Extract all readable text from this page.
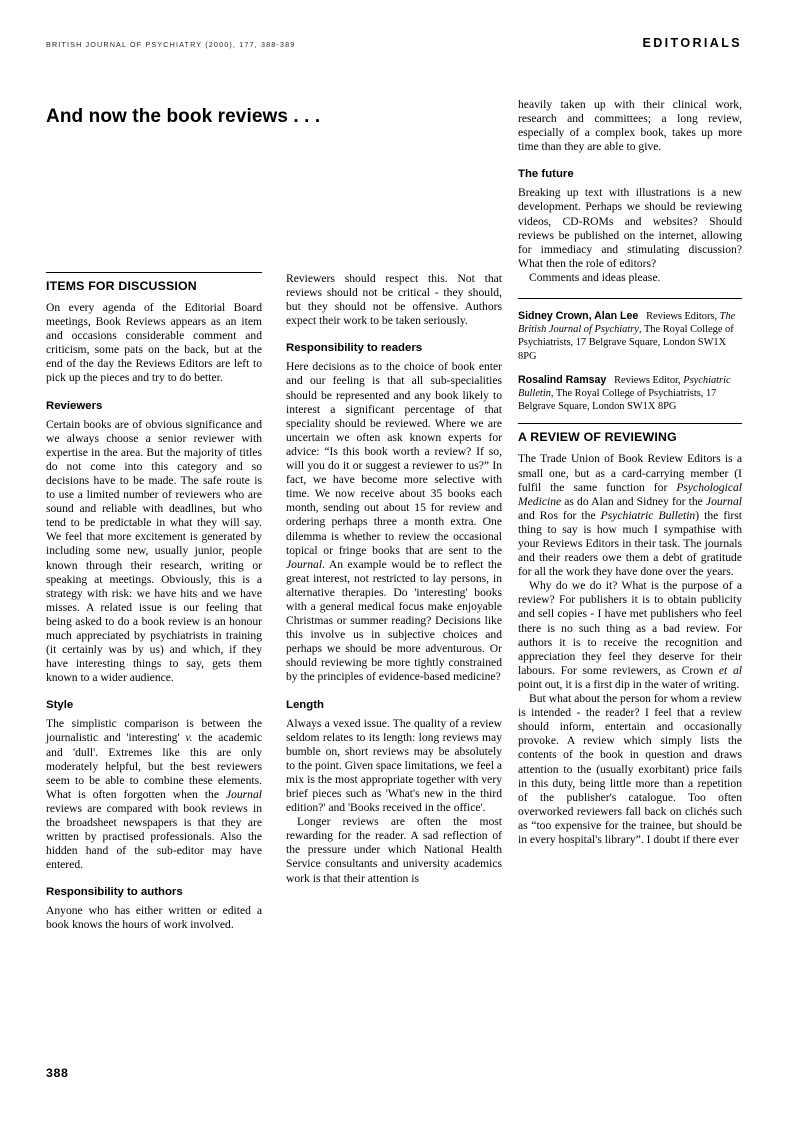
BRITISH JOURNAL OF PSYCHIATRY (2000), 177, 388-389	EDITORIALS
And now the book reviews . . .
ITEMS FOR DISCUSSION

On every agenda of the Editorial Board meetings, Book Reviews appears as an item and occasions considerable comment and criticism, some pats on the back, but at the end of the day the Reviews Editors are left to pick up the pieces and try to do better.

Reviewers

Certain books are of obvious significance and we always choose a senior reviewer with expertise in the area. But the majority of titles do not come into this category and so decisions have to be made. The safe route is to use a limited number of reviewers who are sound and reliable with deadlines, but who tend to be predictable in what they will say. We feel that more excitement is generated by including some new, usually junior, people known through their research, writing or speaking at meetings. Obviously, this is a strategy with risk: we have hits and we have misses. A related issue is our feeling that being asked to do a book review is an honour much appreciated by psychiatrists in training (it certainly was by us) and which, if they have interesting things to say, gets them known to a wider audience.

Style

The simplistic comparison is between the journalistic and 'interesting' v. the academic and 'dull'. Extremes like this are only moderately helpful, but the best reviewers seem to be able to combine these elements. What is often forgotten when the Journal reviews are compared with book reviews in the broadsheet newspapers is that they are written by practised professionals. Also the hidden hand of the sub-editor may have entered.

Responsibility to authors

Anyone who has either written or edited a book knows the hours of work involved.

Reviewers should respect this. Not that reviews should not be critical - they should, but they should not be offensive. Authors expect their work to be taken seriously.

Responsibility to readers

Here decisions as to the choice of book enter and our feeling is that all sub-specialities should be represented and any book likely to interest a significant percentage of that speciality should be reviewed. Where we are uncertain we often ask known experts for advice: “Is this book worth a review? If so, will you do it or suggest a reviewer to us?” In fact, we have become more selective with time. We now receive about 35 books each month, sending out about 15 for review and ordering perhaps three a month extra. One dilemma is whether to review the occasional topical or fringe books that are sent to the Journal. An example would be to reflect the great interest, not restricted to lay persons, in alternative therapies. Do 'interesting' books with a general medical focus make enjoyable Christmas or summer reading? Decisions like this involve us in subjective choices and perhaps we should be more adventurous. Or should reviewing be more tightly constrained by the principles of evidence-based medicine?

Length

Always a vexed issue. The quality of a review seldom relates to its length: long reviews may bumble on, short reviews may be absolutely to the point. Given space limitations, we feel a mix is the most appropriate together with very brief pieces such as 'What's new in the third edition?' and 'Books received in the office'.

Longer reviews are often the most rewarding for the reader. A sad reflection of the pressure under which National Health Service consultants and university academics work is that their attention is

heavily taken up with their clinical work, research and committees; a long review, especially of a complex book, takes up more time than they are able to give.

The future

Breaking up text with illustrations is a new development. Perhaps we should be reviewing videos, CD-ROMs and websites? Should reviews be published on the internet, allowing for immediacy and stimulating discussion? What then the role of editors?

Comments and ideas please.

Sidney Crown, Alan Lee Reviews Editors, The British Journal of Psychiatry, The Royal College of Psychiatrists, 17 Belgrave Square, London SW1X 8PG
Rosalind Ramsay Reviews Editor, Psychiatric Bulletin, The Royal College of Psychiatrists, 17 Belgrave Square, London SW1X 8PG
A REVIEW OF REVIEWING

The Trade Union of Book Review Editors is a small one, but as a card-carrying member (I fulfil the same function for Psychological Medicine as do Alan and Sidney for the Journal and Ros for the Psychiatric Bulletin) the first thing to say is how much I sympathise with your Reviews Editors in their task. The journals and their readers owe them a debt of gratitude for all the work they have done over the years.

Why do we do it? What is the purpose of a review? For publishers it is to obtain publicity and sell copies - I have met publishers who feel there is no such thing as a bad review. For authors it is to receive the recognition and appreciation they feel they deserve for their labours. For some reviewers, as Crown et al point out, it is a first dip in the water of writing.

But what about the person for whom a review is intended - the reader? I feel that a review should inform, entertain and occasionally provoke. A review which simply lists the contents of the book in question and draws attention to the (usually exorbitant) price fails in this duty, being little more than a repetition of the publisher's catalogue. Too often overworked reviewers fall back on clichés such as “too expensive for the trainee, but should be in every hospital's library”. I doubt if there ever

388
